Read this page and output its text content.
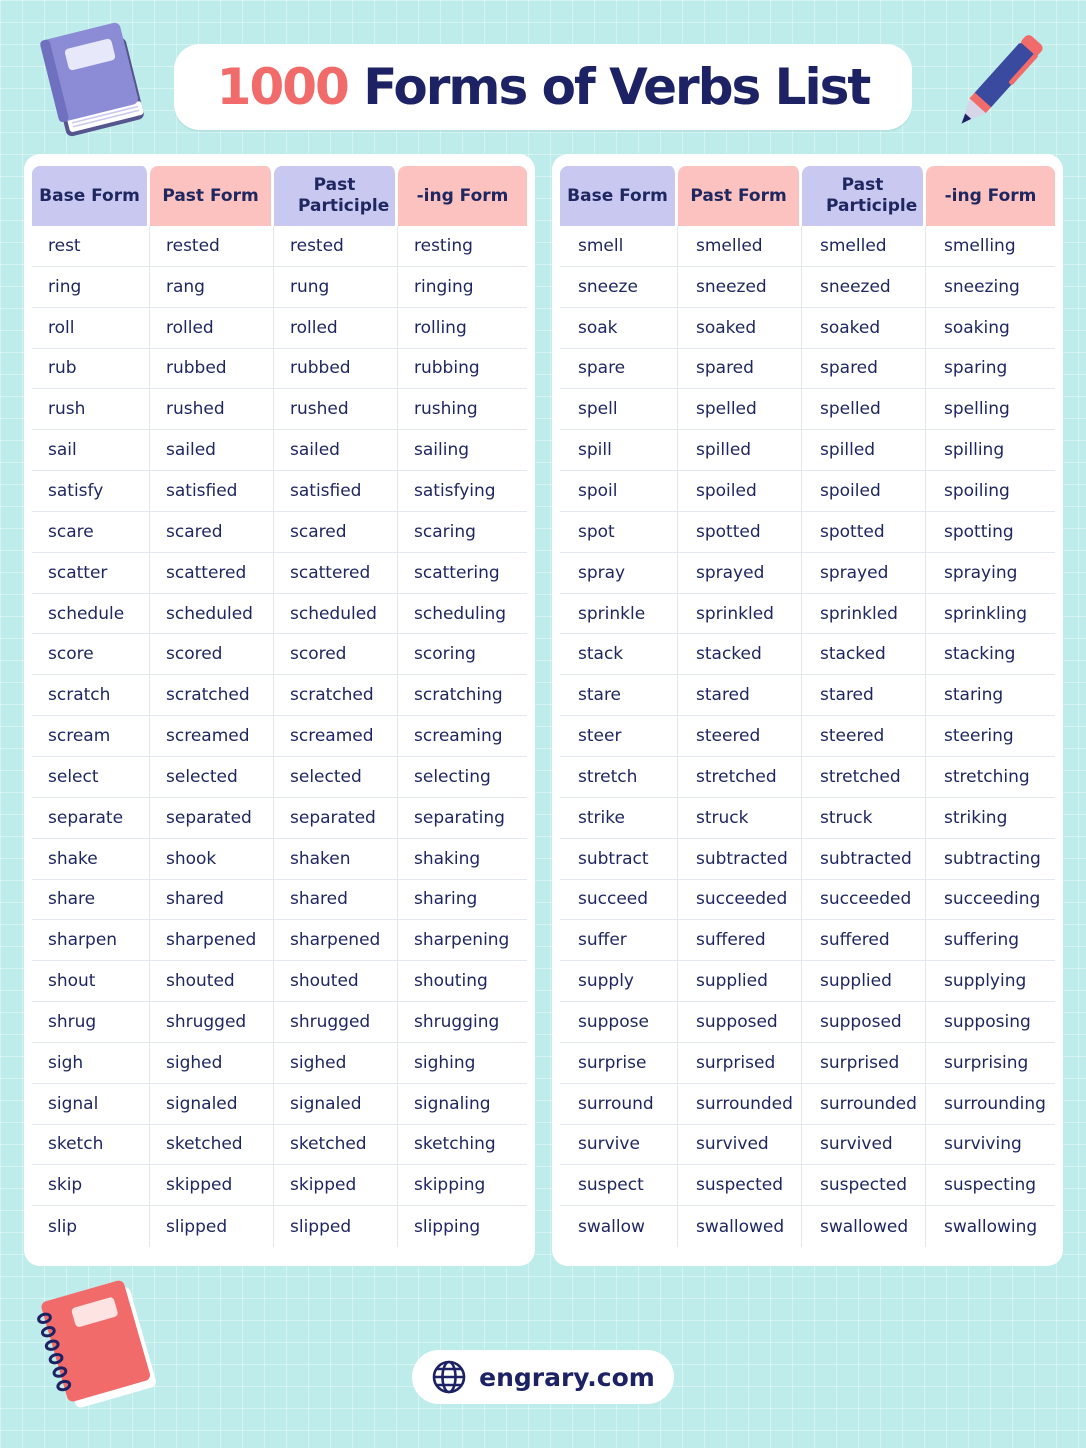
1000 Forms of Verbs List
Base Form	Past Form	Past Participle	-ing Form
rest	rested	rested	resting
ring	rang	rung	ringing
roll	rolled	rolled	rolling
rub	rubbed	rubbed	rubbing
rush	rushed	rushed	rushing
sail	sailed	sailed	sailing
satisfy	satisfied	satisfied	satisfying
scare	scared	scared	scaring
scatter	scattered	scattered	scattering
schedule	scheduled	scheduled	scheduling
score	scored	scored	scoring
scratch	scratched	scratched	scratching
scream	screamed	screamed	screaming
select	selected	selected	selecting
separate	separated	separated	separating
shake	shook	shaken	shaking
share	shared	shared	sharing
sharpen	sharpened	sharpened	sharpening
shout	shouted	shouted	shouting
shrug	shrugged	shrugged	shrugging
sigh	sighed	sighed	sighing
signal	signaled	signaled	signaling
sketch	sketched	sketched	sketching
skip	skipped	skipped	skipping
slip	slipped	slipped	slipping
Base Form	Past Form	Past Participle	-ing Form
smell	smelled	smelled	smelling
sneeze	sneezed	sneezed	sneezing
soak	soaked	soaked	soaking
spare	spared	spared	sparing
spell	spelled	spelled	spelling
spill	spilled	spilled	spilling
spoil	spoiled	spoiled	spoiling
spot	spotted	spotted	spotting
spray	sprayed	sprayed	spraying
sprinkle	sprinkled	sprinkled	sprinkling
stack	stacked	stacked	stacking
stare	stared	stared	staring
steer	steered	steered	steering
stretch	stretched	stretched	stretching
strike	struck	struck	striking
subtract	subtracted	subtracted	subtracting
succeed	succeeded	succeeded	succeeding
suffer	suffered	suffered	suffering
supply	supplied	supplied	supplying
suppose	supposed	supposed	supposing
surprise	surprised	surprised	surprising
surround	surrounded	surrounded	surrounding
survive	survived	survived	surviving
suspect	suspected	suspected	suspecting
swallow	swallowed	swallowed	swallowing
engrary.com
